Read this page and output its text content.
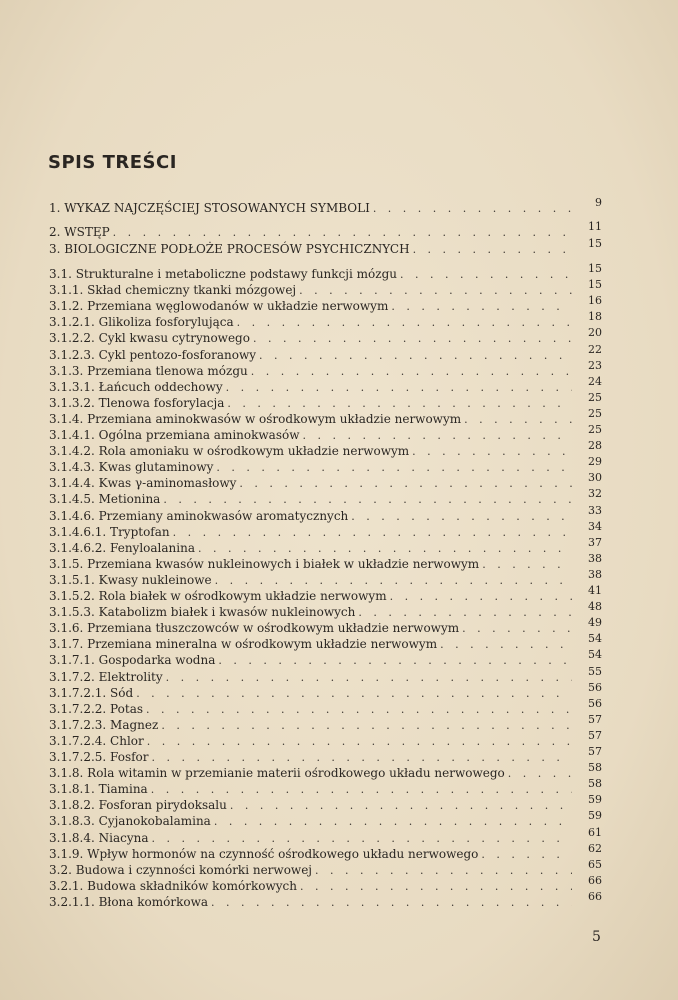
SPIS TREŚCI
1. WYKAZ NAJCZĘŚCIEJ STOSOWANYCH SYMBOLI . . .	9
2. WSTĘP . . .	11
3. BIOLOGICZNE PODŁOŻE PROCESÓW PSYCHICZNYCH . . .	15
3.1. Strukturalne i metaboliczne podstawy funkcji mózgu . . .	15
3.1.1. Skład chemiczny tkanki mózgowej . . .	15
3.1.2. Przemiana węglowodanów w układzie nerwowym . . .	16
3.1.2.1. Glikoliza fosforylująca . . .	18
3.1.2.2. Cykl kwasu cytrynowego . . .	20
3.1.2.3. Cykl pentozo-fosforanowy . . .	22
3.1.3. Przemiana tlenowa mózgu . . .	23
3.1.3.1. Łańcuch oddechowy . . .	24
3.1.3.2. Tlenowa fosforylacja . . .	25
3.1.4. Przemiana aminokwasów w ośrodkowym układzie nerwowym . . .	25
3.1.4.1. Ogólna przemiana aminokwasów . . .	25
3.1.4.2. Rola amoniaku w ośrodkowym układzie nerwowym . . .	28
3.1.4.3. Kwas glutaminowy . . .	29
3.1.4.4. Kwas γ-aminomasłowy . . .	30
3.1.4.5. Metionina . . .	32
3.1.4.6. Przemiany aminokwasów aromatycznych . . .	33
3.1.4.6.1. Tryptofan . . .	34
3.1.4.6.2. Fenyloalanina . . .	37
3.1.5. Przemiana kwasów nukleinowych i białek w układzie nerwowym . . .	38
3.1.5.1. Kwasy nukleinowe . . .	38
3.1.5.2. Rola białek w ośrodkowym układzie nerwowym . . .	41
3.1.5.3. Katabolizm białek i kwasów nukleinowych . . .	48
3.1.6. Przemiana tłuszczowców w ośrodkowym układzie nerwowym . . .	49
3.1.7. Przemiana mineralna w ośrodkowym układzie nerwowym . . .	54
3.1.7.1. Gospodarka wodna . . .	54
3.1.7.2. Elektrolity . . .	55
3.1.7.2.1. Sód . . .	56
3.1.7.2.2. Potas . . .	56
3.1.7.2.3. Magnez . . .	57
3.1.7.2.4. Chlor . . .	57
3.1.7.2.5. Fosfor . . .	57
3.1.8. Rola witamin w przemianie materii ośrodkowego układu nerwowego . . .	58
3.1.8.1. Tiamina . . .	58
3.1.8.2. Fosforan pirydoksalu . . .	59
3.1.8.3. Cyjanokobalamina . . .	59
3.1.8.4. Niacyna . . .	61
3.1.9. Wpływ hormonów na czynność ośrodkowego układu nerwowego . . .	62
3.2. Budowa i czynności komórki nerwowej . . .	65
3.2.1. Budowa składników komórkowych . . .	66
3.2.1.1. Błona komórkowa . . .	66
5
